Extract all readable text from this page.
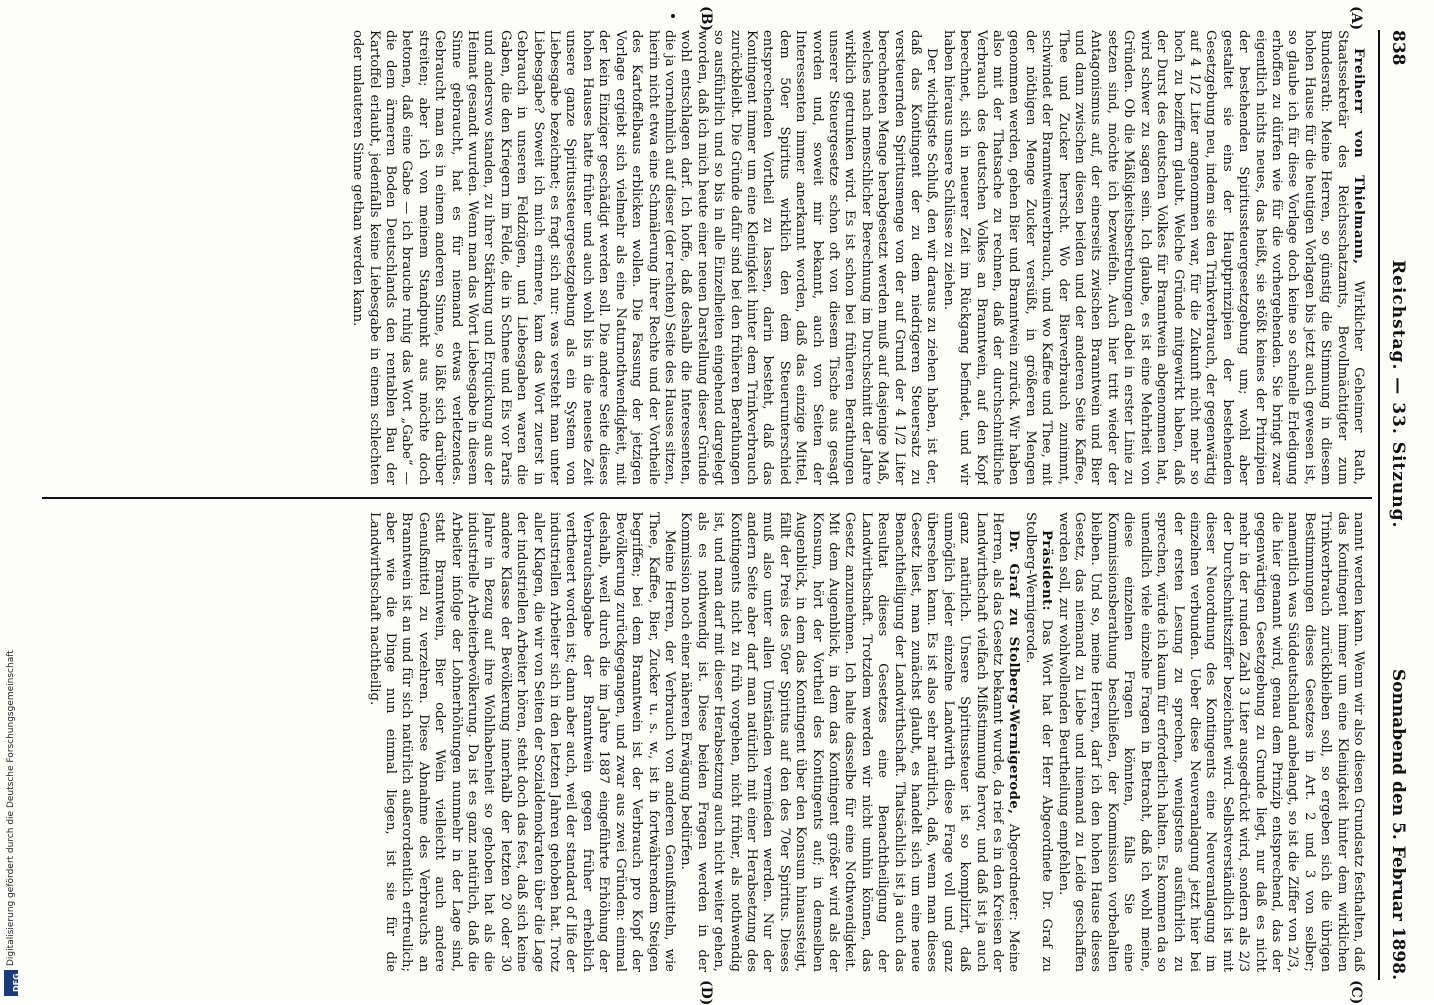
838
Reichstag. — 33. Sitzung.
Sonnabend den 5. Februar 1898.
(A)
(B)
(C)
(D)

Freiherr von Thielmann, Wirklicher Geheimer Rath, Staatssekretär des Reichsschatzamts, Bevollmächtigter zum Bundesrath: Meine Herren, so günstig die Stimmung in diesem hohen Hause für die heutigen Vorlagen bis jetzt auch gewesen ist, so glaube ich für diese Vorlage doch keine so schnelle Erledigung erhoffen zu dürfen wie für die vorhergehenden. Sie bringt zwar eigentlich nichts neues, das heißt, sie stößt keines der Prinzipien der bestehenden Spiritussteuergesetzgebung um; wohl aber gestaltet sie eins der Hauptprinzipien der bestehenden Gesetzgebung neu, indem sie den Trinkverbrauch, der gegenwärtig auf 4 1/2 Liter angenommen war, für die Zukunft nicht mehr so hoch zu beziffern glaubt. Welche Gründe mitgewirkt haben, daß der Durst des deutschen Volkes für Branntwein abgenommen hat, wird schwer zu sagen sein. Ich glaube, es ist eine Mehrheit von Gründen. Ob die Mäßigkeitsbestrebungen dabei in erster Linie zu setzen sind, möchte ich bezweifeln. Auch hier tritt wieder der Antagonismus auf, der einerseits zwischen Branntwein und Bier und dann zwischen diesen beiden und der anderen Seite Kaffee, Thee und Zucker herrscht. Wo der Bierverbrauch zunimmt, schwindet der Branntweinverbrauch, und wo Kaffee und Thee, mit der nöthigen Menge Zucker versüßt, in größeren Mengen genommen werden, gehen Bier und Branntwein zurück. Wir haben also mit der Thatsache zu rechnen, daß der durchschnittliche Verbrauch des deutschen Volkes an Branntwein, auf den Kopf berechnet, sich in neuerer Zeit im Rückgang befindet, und wir haben hieraus unsere Schlüsse zu ziehen.

Der wichtigste Schluß, den wir daraus zu ziehen haben, ist der, daß das Kontingent der zu dem niedrigeren Steuersatz zu versteuernden Spiritusmenge von der auf Grund der 4 1/2 Liter berechneten Menge herabgesetzt werden muß auf dasjenige Maß, welches nach menschlicher Berechnung im Durchschnitt der Jahre wirklich getrunken wird. Es ist schon bei früheren Berathungen unserer Steuergesetze schon oft von diesem Tische aus gesagt worden und, soweit mir bekannt, auch von Seiten der Interessenten immer anerkannt worden, daß das einzige Mittel, dem 50er Spiritus wirklich den dem Steuerunterschied entsprechenden Vortheil zu lassen, darin besteht, daß das Kontingent immer um eine Kleinigkeit hinter dem Trinkverbrauch zurückbleibt. Die Gründe dafür sind bei den früheren Berathungen so ausführlich und so bis in alle Einzelheiten eingehend dargelegt worden, daß ich mich heute einer neuen Darstellung dieser Gründe wohl entschlagen darf. Ich hoffe, daß deshalb die Interessenten, die ja vornehmlich auf dieser (der rechten) Seite des Hauses sitzen, hierin nicht etwa eine Schmälerung ihrer Rechte und der Vortheile des Kartoffelbaus erblicken wollen. Die Fassung der jetzigen Vorlage ergiebt sich vielmehr als eine Naturnothwendigkeit, mit der kein Einziger geschädigt werden soll. Die andere Seite dieses hohen Hauses hatte früher und auch wohl bis in die neueste Zeit unsere ganze Spiritussteuergesetzgebung als ein System von Liebesgabe bezeichnet; es fragt sich nur: was versteht man unter Liebesgabe? Soweit ich mich erinnere, kam das Wort zuerst in Gebrauch in unseren Feldzügen, und Liebesgaben waren die Gaben, die den Kriegern im Felde, die in Schnee und Eis vor Paris und anderswo standen, zu ihrer Stärkung und Erquickung aus der Heimat gesandt wurden. Wenn man das Wort Liebesgabe in diesem Sinne gebraucht, hat es für niemand etwas verletzendes. Gebraucht man es in einem anderen Sinne, so läßt sich darüber streiten; aber ich von meinem Standpunkt aus möchte doch betonen, daß eine Gabe — ich brauche ruhig das Wort „Gabe“ — die dem ärmeren Boden Deutschlands den rentablen Bau der Kartoffel erlaubt, jedenfalls keine Liebesgabe in einem schlechten oder unlauteren Sinne gethan werden kann.

nannt werden kann. Wenn wir also diesen Grundsatz festhalten, daß das Kontingent immer um eine Kleinigkeit hinter dem wirklichen Trinkverbrauch zurückbleiben soll, so ergeben sich die übrigen Bestimmungen dieses Gesetzes in Art. 2 und 3 von selber; namentlich was Süddeutschland anbelangt, so ist die Ziffer von 2/3, die hier genannt wird, genau dem Prinzip entsprechend, das der gegenwärtigen Gesetzgebung zu Grunde liegt, nur daß es nicht mehr in der runden Zahl 3 Liter ausgedrückt wird, sondern als 2/3 der Durchschnittsziffer bezeichnet wird. Selbstverständlich ist mit dieser Neuordnung des Kontingents eine Neuveranlagung im einzelnen verbunden. Ueber diese Neuveranlagung jetzt hier bei der ersten Lesung zu sprechen, wenigstens ausführlich zu sprechen, würde ich kaum für erforderlich halten. Es kommen da so unendlich viele einzelne Fragen in Betracht, daß ich wohl meine, diese einzelnen Fragen könnten, falls Sie eine Kommissionsberathung beschließen, der Kommission vorbehalten bleiben. Und so, meine Herren, darf ich den hohen Hause dieses Gesetz, das niemand zu Liebe und niemand zu Leide geschaffen werden soll, zur wohlwollenden Beurtheilung empfehlen.

Präsident: Das Wort hat der Herr Abgeordnete Dr. Graf zu Stolberg-Wernigerode.

Dr. Graf zu Stolberg-Wernigerode, Abgeordneter: Meine Herren, als das Gesetz bekannt wurde, da rief es in den Kreisen der Landwirthschaft vielfach Mißstimmung hervor, und daß ist ja auch ganz natürlich. Unsere Spiritussteuer ist so komplizirt, daß unmöglich jeder einzelne Landwirth diese Frage voll und ganz übersehen kann. Es ist also sehr natürlich, daß, wenn man dieses Gesetz liest, man zunächst glaubt, es handelt sich um eine neue Benachtheiligung der Landwirthschaft. Thatsächlich ist ja auch das Resultat dieses Gesetzes eine Benachtheiligung der Landwirthschaft. Trotzdem werden wir nicht umhin können, das Gesetz anzunehmen. Ich halte dasselbe für eine Nothwendigkeit. Mit dem Augenblick, in dem das Kontingent größer wird als der Konsum, hört der Vortheil des Kontingents auf; in demselben Augenblick, in dem das Kontingent über den Konsum hinaussteigt, fällt der Preis des 50er Spiritus auf den des 70er Spiritus. Dieses muß also unter allen Umständen vermieden werden. Nur der andern Seite aber darf man natürlich mit einer Herabsetzung des Kontingents nicht zu früh vorgehen, nicht früher, als nothwendig ist, und man darf mit dieser Herabsetzung auch nicht weiter gehen, als es nothwendig ist. Diese beiden Fragen werden in der Kommission noch einer näheren Erwägung bedürfen.

Meine Herren, der Verbrauch von anderen Genußmitteln, wie Thee, Kaffee, Bier, Zucker u. s. w., ist in fortwährendem Steigen begriffen; bei dem Branntwein ist der Verbrauch pro Kopf der Bevölkerung zurückgegangen, und zwar aus zwei Gründen: einmal deshalb, weil durch die im Jahre 1887 eingeführte Erhöhung der Verbrauchsabgabe der Branntwein gegen früher erheblich vertheuert worden ist; dann aber auch, weil der standard of life der industriellen Arbeiter sich in den letzten Jahren gehoben hat. Trotz aller Klagen, die wir von Seiten der Sozialdemokraten über die Lage der industriellen Arbeiter hören, steht doch das fest, daß sich keine andere Klasse der Bevölkerung innerhalb der letzten 20 oder 30 Jahre in Bezug auf ihre Wohlhabenheit so gehoben hat als die industrielle Arbeiterbevölkerung. Da ist es ganz natürlich, daß die Arbeiter infolge der Lohnerhöhungen nunmehr in der Lage sind, statt Branntwein, Bier oder Wein vielleicht auch andere Genußmittel zu verzehren. Diese Abnahme des Verbrauchs an Branntwein ist an und für sich natürlich außerordentlich erfreulich; aber wie die Dinge nun einmal liegen, ist sie für die Landwirthschaft nachtheilig.

DFG
Digitalisierung gefördert durch die Deutsche Forschungsgemeinschaft
